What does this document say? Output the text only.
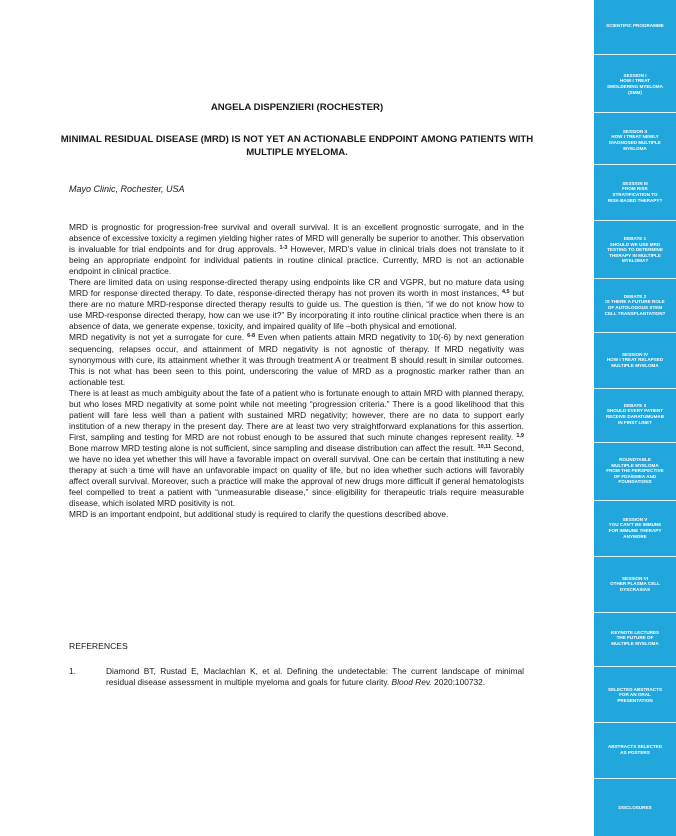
ANGELA DISPENZIERI (ROCHESTER)
MINIMAL RESIDUAL DISEASE (MRD) IS NOT YET AN ACTIONABLE ENDPOINT AMONG PATIENTS WITH MULTIPLE MYELOMA.
Mayo Clinic, Rochester, USA

MRD is prognostic for progression-free survival and overall survival. It is an excellent prognostic surrogate, and in the absence of excessive toxicity a regimen yielding higher rates of MRD will generally be superior to another. This observation is invaluable for trial endpoints and for drug approvals. $^{1-3}$ However, MRD’s value in clinical trials does not translate to it being an appropriate endpoint for individual patients in routine clinical practice. Currently, MRD is not an actionable endpoint in clinical practice.

There are limited data on using response-directed therapy using endpoints like CR and VGPR, but no mature data using MRD for response directed therapy. To date, response-directed therapy has not proven its worth in most instances, $^{4,5}$ but there are no mature MRD-response directed therapy results to guide us. The question is then, “if we do not know how to use MRD-response directed therapy, how can we use it?” By incorporating it into routine clinical practice when there is an absence of data, we generate expense, toxicity, and impaired quality of life –both physical and emotional.

MRD negativity is not yet a surrogate for cure. $^{6-8}$ Even when patients attain MRD negativity to 10(-6) by next generation sequencing, relapses occur, and attainment of MRD negativity is not agnostic of therapy. If MRD negativity was synonymous with cure, its attainment whether it was through treatment A or treatment B should result in similar outcomes. This is not what has been seen to this point, underscoring the value of MRD as a prognostic marker rather than an actionable test.

There is at least as much ambiguity about the fate of a patient who is fortunate enough to attain MRD with planned therapy, but who loses MRD negativity at some point while not meeting “progression criteria.” There is a good likelihood that this patient will fare less well than a patient with sustained MRD negativity; however, there are no data to support early institution of a new therapy in the present day. There are at least two very straightforward explanations for this assertion. First, sampling and testing for MRD are not robust enough to be assured that such minute changes represent reality. $^{1,9}$ Bone marrow MRD testing alone is not sufficient, since sampling and disease distribution can affect the result. $^{10,11}$ Second, we have no idea yet whether this will have a favorable impact on overall survival. One can be certain that instituting a new therapy at such a time will have an unfavorable impact on quality of life, but no idea whether such actions will favorably affect overall survival. Moreover, such a practice will make the approval of new drugs more difficult if general hematologists feel compelled to treat a patient with “unmeasurable disease,” since eligibility for therapeutic trials require measurable disease, which isolated MRD positivity is not.

MRD is an important endpoint, but additional study is required to clarify the questions described above.

REFERENCES
1.	Diamond BT, Rustad E, Maclachlan K, et al. Defining the undetectable: The current landscape of minimal residual disease assessment in multiple myeloma and goals for future clarity. Blood Rev. 2020:100732.
SCIENTIFIC PROGRAMME
SESSION I
HOW I TREAT
SMOLDERING MYELOMA
(SMM)
SESSION II
HOW I TREAT NEWLY
DIAGNOSED MULTIPLE
MYELOMA
SESSION III
FROM RISK
STRATIFICATION TO
RISK-BASED THERAPY?
DEBATE 1
SHOULD WE USE MRD
TESTING TO DETERMINE
THERAPY IN MULTIPLE
MYELOMA?
DEBATE 2
IS THERE A FUTURE ROLE
OF AUTOLOGOUS STEM
CELL TRANSPLANTATION?
SESSION IV
HOW I TREAT RELAPSED
MULTIPLE MYELOMA
DEBATE 3
SHOULD EVERY PATIENT
RECEIVE DARATUMUMAB
IN FIRST LINE?
ROUNDTABLE
MULTIPLE MYELOMA
FROM THE PERSPECTIVE
OF FDA/EMEA AND
FOUNDATIONS
SESSION V
YOU CAN'T BE IMMUNE
FOR IMMUNE THERAPY
ANYMORE
SESSION VI
OTHER PLASMA CELL
DYSCRASIAS
KEYNOTE LECTURES
THE FUTURE OF
MULTIPLE MYELOMA
SELECTED ABSTRACTS
FOR AN ORAL
PRESENTATION
ABSTRACTS SELECTED
AS POSTERS
DISCLOSURES
